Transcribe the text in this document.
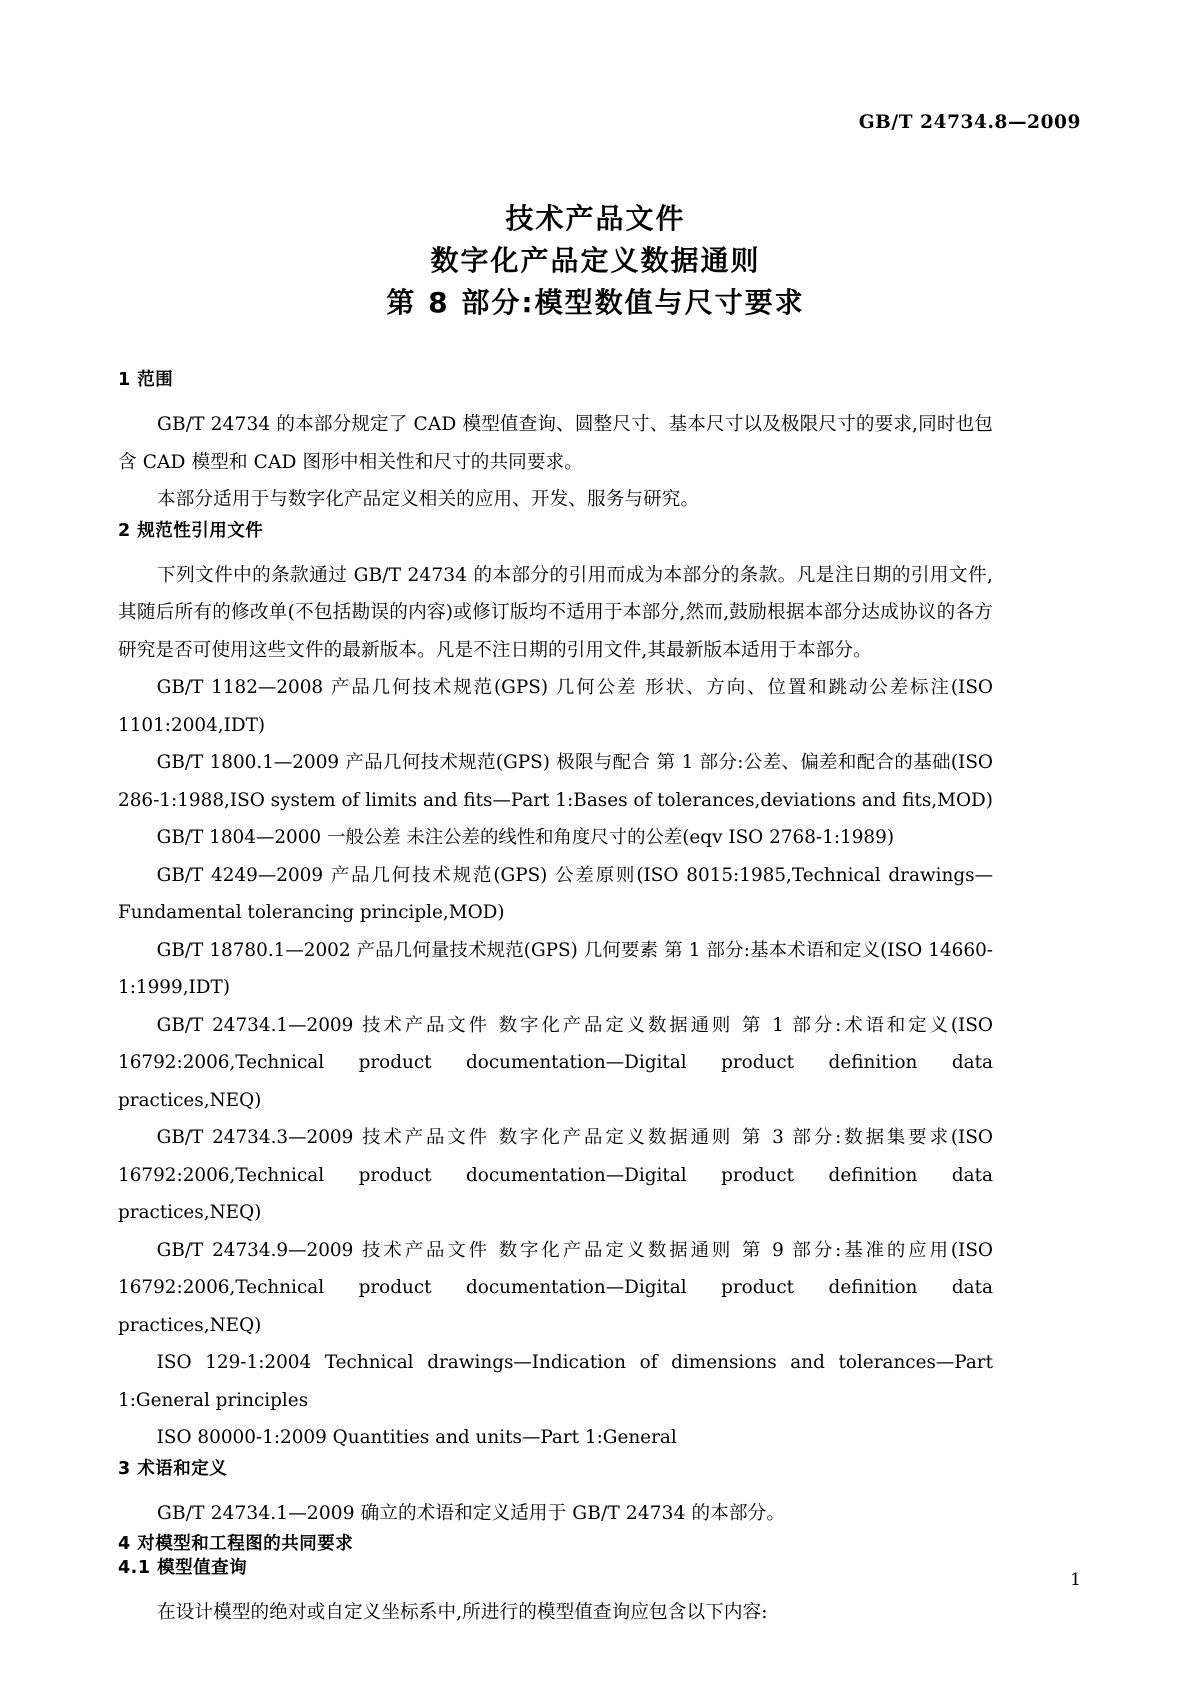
GB/T 24734.8—2009
技术产品文件
数字化产品定义数据通则
第 8 部分:模型数值与尺寸要求
1 范围

GB/T 24734 的本部分规定了 CAD 模型值查询、圆整尺寸、基本尺寸以及极限尺寸的要求,同时也包含 CAD 模型和 CAD 图形中相关性和尺寸的共同要求。

本部分适用于与数字化产品定义相关的应用、开发、服务与研究。

2 规范性引用文件

下列文件中的条款通过 GB/T 24734 的本部分的引用而成为本部分的条款。凡是注日期的引用文件,其随后所有的修改单(不包括勘误的内容)或修订版均不适用于本部分,然而,鼓励根据本部分达成协议的各方研究是否可使用这些文件的最新版本。凡是不注日期的引用文件,其最新版本适用于本部分。

GB/T 1182—2008 产品几何技术规范(GPS) 几何公差 形状、方向、位置和跳动公差标注(ISO 1101:2004,IDT)

GB/T 1800.1—2009 产品几何技术规范(GPS) 极限与配合 第 1 部分:公差、偏差和配合的基础(ISO 286-1:1988,ISO system of limits and fits—Part 1:Bases of tolerances,deviations and fits,MOD)

GB/T 1804—2000 一般公差 未注公差的线性和角度尺寸的公差(eqv ISO 2768-1:1989)

GB/T 4249—2009 产品几何技术规范(GPS) 公差原则(ISO 8015:1985,Technical drawings—Fundamental tolerancing principle,MOD)

GB/T 18780.1—2002 产品几何量技术规范(GPS) 几何要素 第 1 部分:基本术语和定义(ISO 14660-1:1999,IDT)

GB/T 24734.1—2009 技术产品文件 数字化产品定义数据通则 第 1 部分:术语和定义(ISO 16792:2006,Technical product documentation—Digital product definition data practices,NEQ)

GB/T 24734.3—2009 技术产品文件 数字化产品定义数据通则 第 3 部分:数据集要求(ISO 16792:2006,Technical product documentation—Digital product definition data practices,NEQ)

GB/T 24734.9—2009 技术产品文件 数字化产品定义数据通则 第 9 部分:基准的应用(ISO 16792:2006,Technical product documentation—Digital product definition data practices,NEQ)

ISO 129-1:2004 Technical drawings—Indication of dimensions and tolerances—Part 1:General principles

ISO 80000-1:2009 Quantities and units—Part 1:General

3 术语和定义

GB/T 24734.1—2009 确立的术语和定义适用于 GB/T 24734 的本部分。

4 对模型和工程图的共同要求
4.1 模型值查询

在设计模型的绝对或自定义坐标系中,所进行的模型值查询应包含以下内容:

1
